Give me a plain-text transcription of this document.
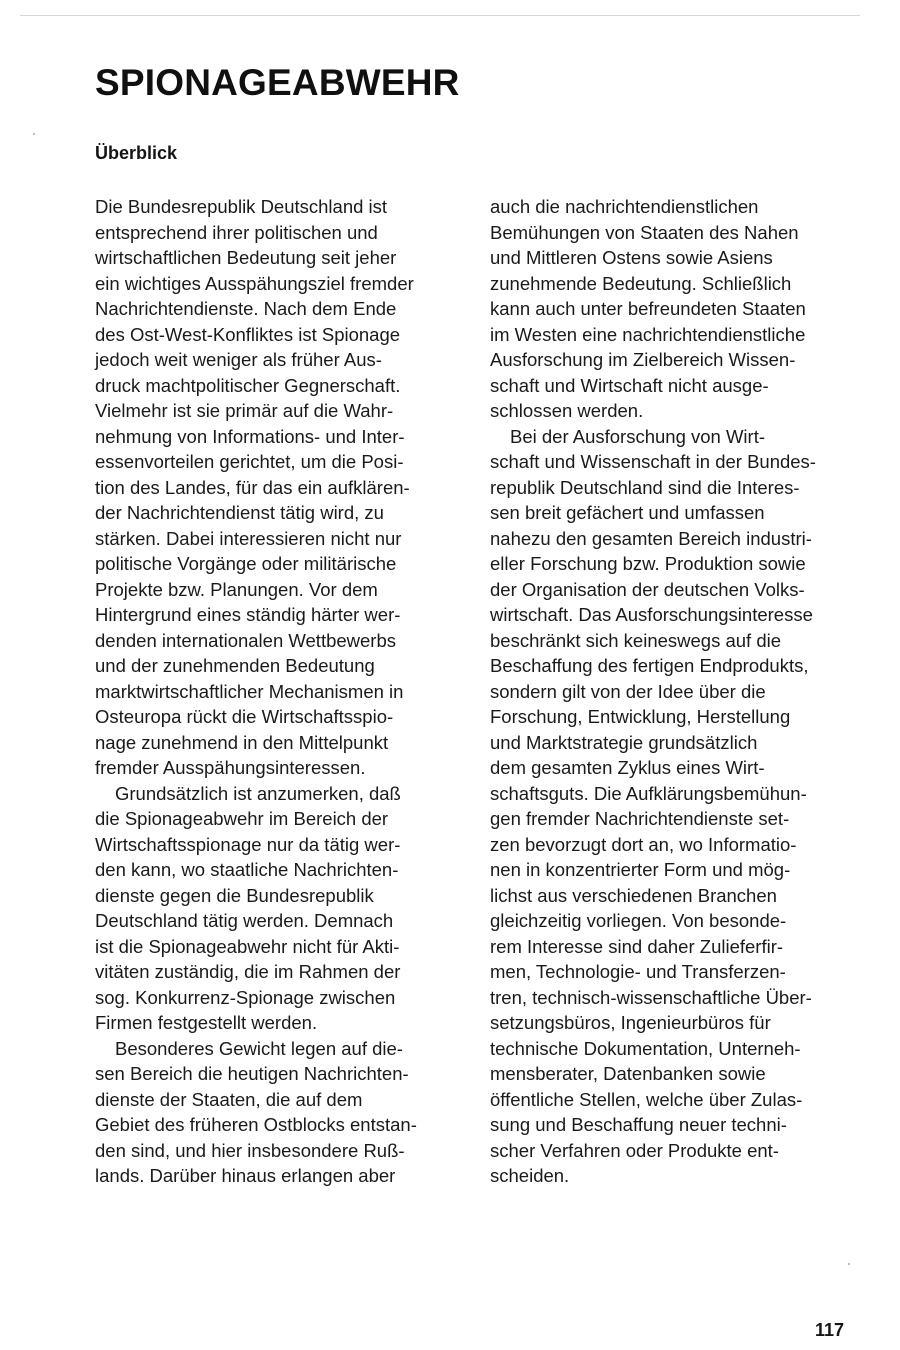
SPIONAGEABWEHR
Überblick
Die Bundesrepublik Deutschland ist
entsprechend ihrer politischen und
wirtschaftlichen Bedeutung seit jeher
ein wichtiges Ausspähungsziel fremder
Nachrichtendienste. Nach dem Ende
des Ost-West-Konfliktes ist Spionage
jedoch weit weniger als früher Aus-
druck machtpolitischer Gegnerschaft.
Vielmehr ist sie primär auf die Wahr-
nehmung von Informations- und Inter-
essenvorteilen gerichtet, um die Posi-
tion des Landes, für das ein aufklären-
der Nachrichtendienst tätig wird, zu
stärken. Dabei interessieren nicht nur
politische Vorgänge oder militärische
Projekte bzw. Planungen. Vor dem
Hintergrund eines ständig härter wer-
denden internationalen Wettbewerbs
und der zunehmenden Bedeutung
marktwirtschaftlicher Mechanismen in
Osteuropa rückt die Wirtschaftsspio-
nage zunehmend in den Mittelpunkt
fremder Ausspähungsinteressen.
Grundsätzlich ist anzumerken, daß
die Spionageabwehr im Bereich der
Wirtschaftsspionage nur da tätig wer-
den kann, wo staatliche Nachrichten-
dienste gegen die Bundesrepublik
Deutschland tätig werden. Demnach
ist die Spionageabwehr nicht für Akti-
vitäten zuständig, die im Rahmen der
sog. Konkurrenz-Spionage zwischen
Firmen festgestellt werden.
Besonderes Gewicht legen auf die-
sen Bereich die heutigen Nachrichten-
dienste der Staaten, die auf dem
Gebiet des früheren Ostblocks entstan-
den sind, und hier insbesondere Ruß-
lands. Darüber hinaus erlangen aber
auch die nachrichtendienstlichen
Bemühungen von Staaten des Nahen
und Mittleren Ostens sowie Asiens
zunehmende Bedeutung. Schließlich
kann auch unter befreundeten Staaten
im Westen eine nachrichtendienstliche
Ausforschung im Zielbereich Wissen-
schaft und Wirtschaft nicht ausge-
schlossen werden.
Bei der Ausforschung von Wirt-
schaft und Wissenschaft in der Bundes-
republik Deutschland sind die Interes-
sen breit gefächert und umfassen
nahezu den gesamten Bereich industri-
eller Forschung bzw. Produktion sowie
der Organisation der deutschen Volks-
wirtschaft. Das Ausforschungsinteresse
beschränkt sich keineswegs auf die
Beschaffung des fertigen Endprodukts,
sondern gilt von der Idee über die
Forschung, Entwicklung, Herstellung
und Marktstrategie grundsätzlich
dem gesamten Zyklus eines Wirt-
schaftsguts. Die Aufklärungsbemühun-
gen fremder Nachrichtendienste set-
zen bevorzugt dort an, wo Informatio-
nen in konzentrierter Form und mög-
lichst aus verschiedenen Branchen
gleichzeitig vorliegen. Von besonde-
rem Interesse sind daher Zulieferfir-
men, Technologie- und Transferzen-
tren, technisch-wissenschaftliche Über-
setzungsbüros, Ingenieurbüros für
technische Dokumentation, Unterneh-
mensberater, Datenbanken sowie
öffentliche Stellen, welche über Zulas-
sung und Beschaffung neuer techni-
scher Verfahren oder Produkte ent-
scheiden.
117
